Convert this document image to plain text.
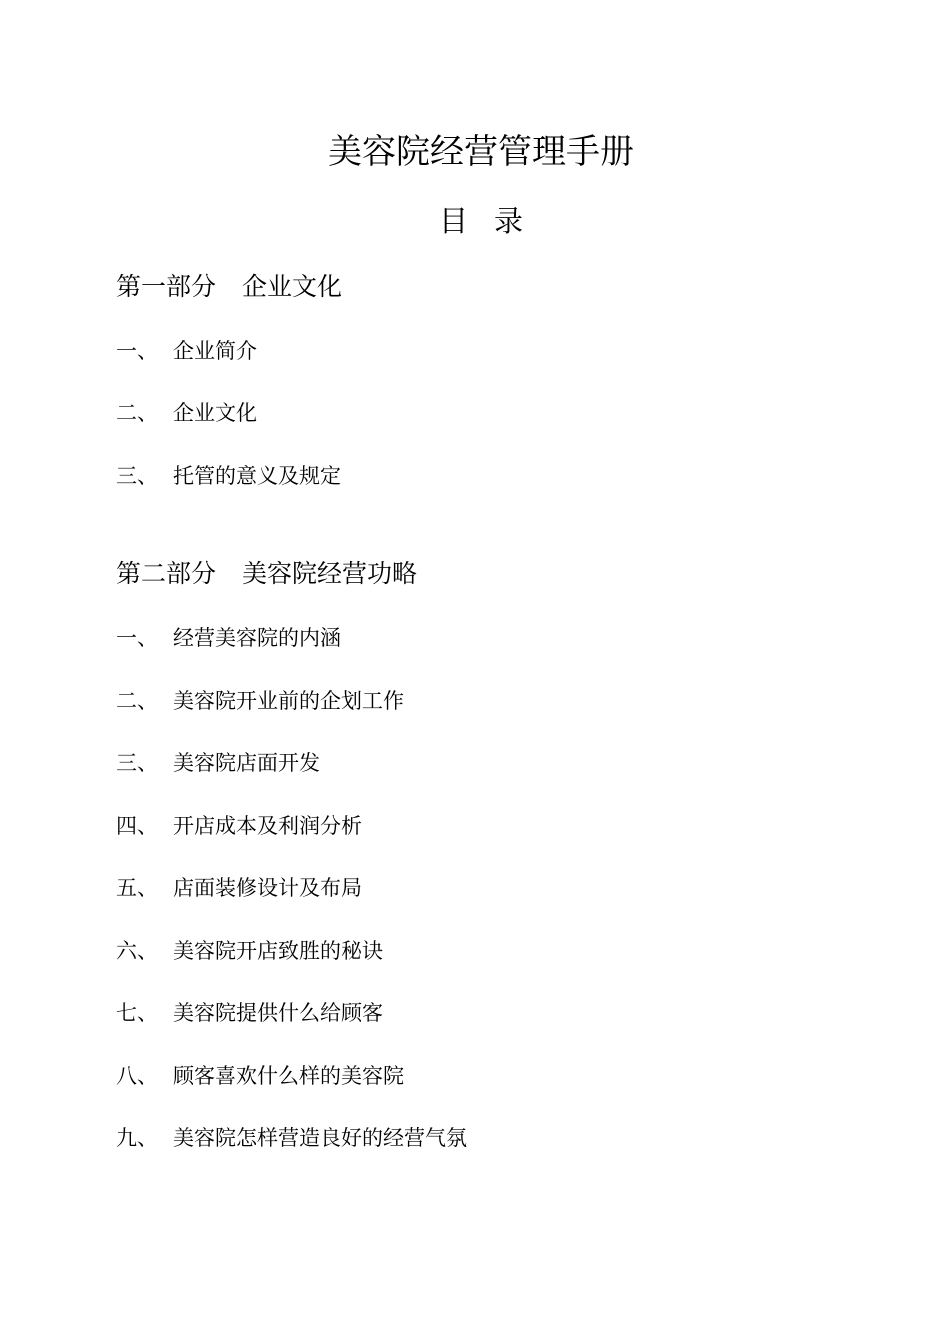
美容院经营管理手册
目 录
第一部分 企业文化
一、 企业简介
二、 企业文化
三、 托管的意义及规定
第二部分 美容院经营功略
一、 经营美容院的内涵
二、 美容院开业前的企划工作
三、 美容院店面开发
四、 开店成本及利润分析
五、 店面装修设计及布局
六、 美容院开店致胜的秘诀
七、 美容院提供什么给顾客
八、 顾客喜欢什么样的美容院
九、 美容院怎样营造良好的经营气氛
